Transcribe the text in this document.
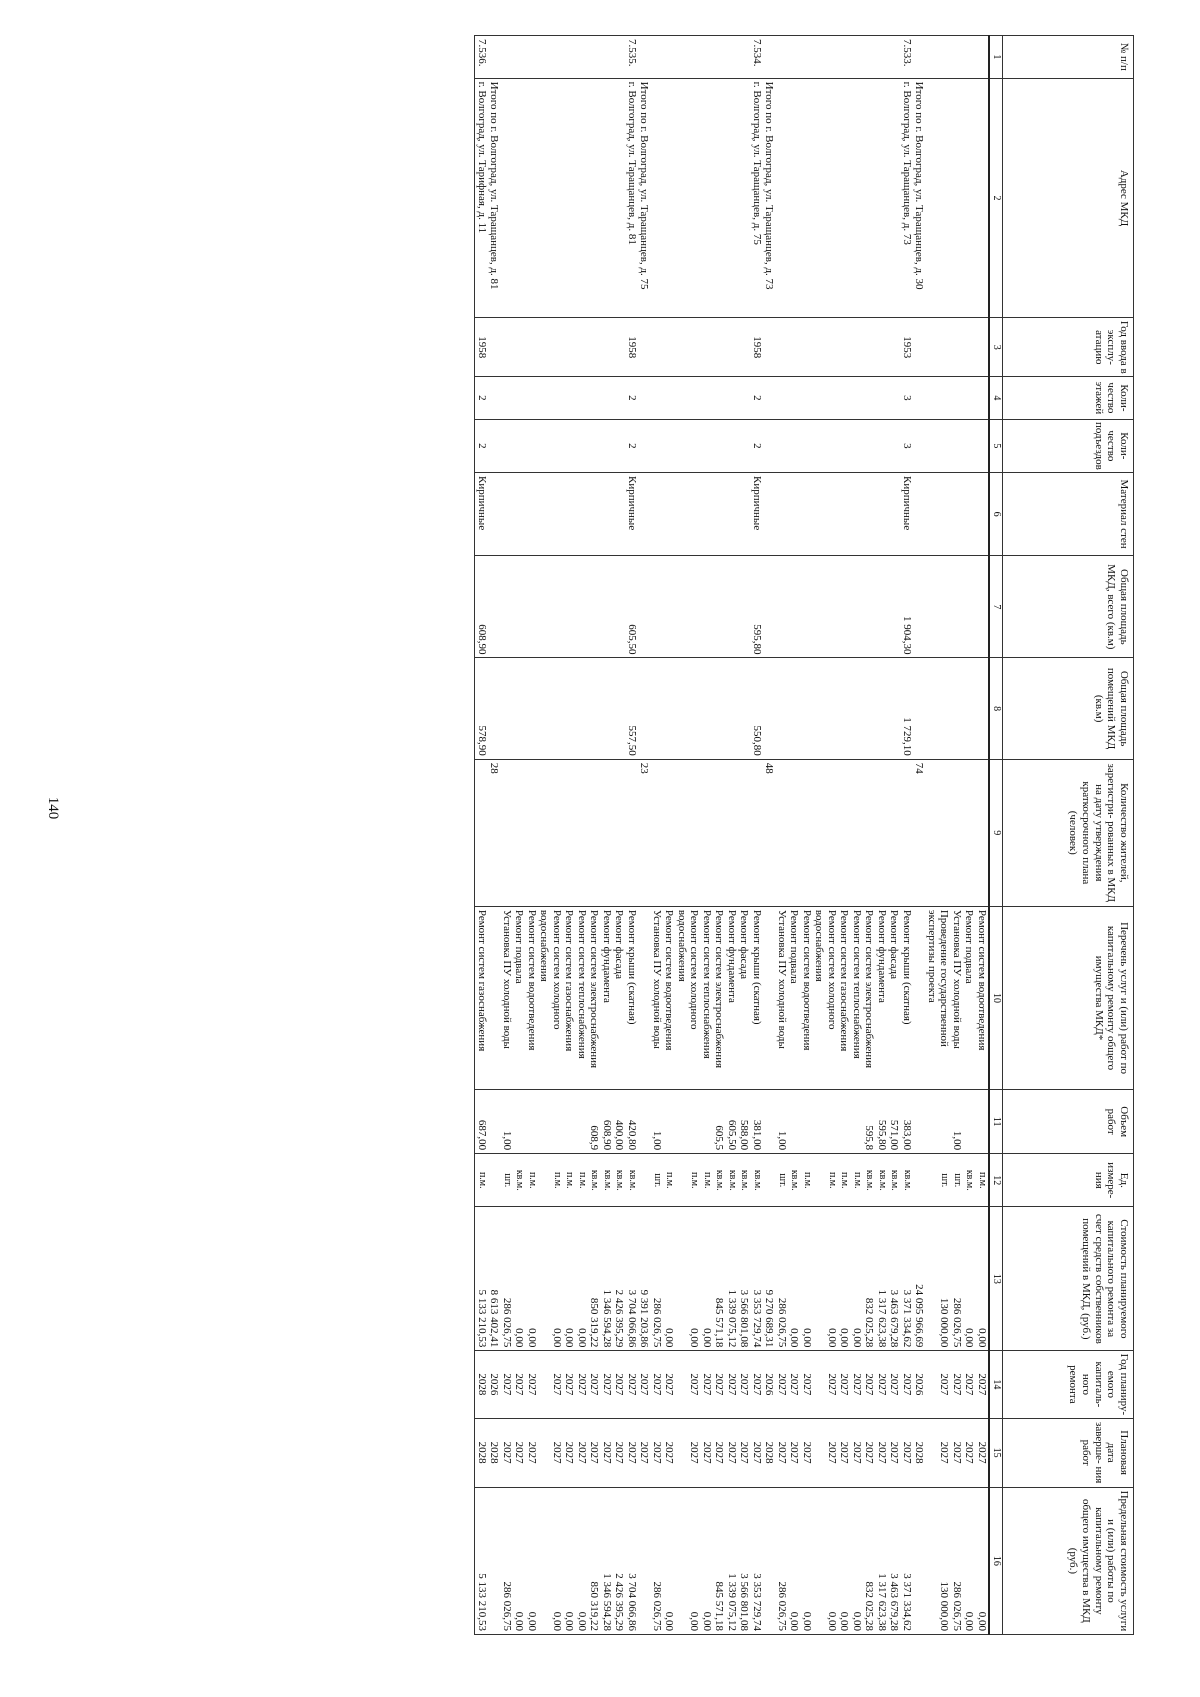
140
№ п/п	Адрес МКД	Год ввода в эксплу- атацию	Коли- чество этажей	Коли- чество подъездов	Материал стен	Общая площадь МКД, всего (кв.м)	Общая площадь помещений МКД (кв.м)	Количество жителей, зарегистри- рованных в МКД на дату утверждения краткосрочного плана (человек)	Перечень услуг и (или) работ по капитальному ремонту общего имущества МКД*	Объем работ	Ед. измере- ния	Стоимость планируемого капитального ремонта за счет средств собственников помещений в МКД, (руб.)	Год планиру- емого капиталь- ного ремонта	Плановая дата заверше- ния работ	Предельная стоимость услуги и (или) работы по капитальному ремонту общего имущества в МКД (руб.)
1	2	3	4	5	6	7	8	9	10	11	12	13	14	15	16
									Ремонт систем водоотведения		п.м.	0,00	2027	2027	0,00
									Ремонт подвала		кв.м.	0,00	2027	2027	0,00
									Установка ПУ холодной воды	1,00	шт.	286 026,75	2027	2027	286 026,75
									Проведение государственной экспертизы проекта		шт.	130 000,00	2027	2027	130 000,00
	Итого по г. Волгоград, ул. Таращанцев, д. 30							74				24 095 966,69	2026	2028	
7.533.	г. Волгоград, ул. Таращанцев, д. 73	1953	3	3	Кирпичные	1 904,30	1 729,10		Ремонт крыши (скатная)	383,00	кв.м.	3 371 334,62	2027	2027	3 371 334,62
									Ремонт фасада	571,00	кв.м.	3 463 679,28	2027	2027	3 463 679,28
									Ремонт фундамента	595,80	кв.м.	1 317 623,38	2027	2027	1 317 623,38
									Ремонт систем электроснабжения	595,8	кв.м.	832 025,28	2027	2027	832 025,28
									Ремонт систем теплоснабжения		п.м.	0,00	2027	2027	0,00
									Ремонт систем газоснабжения		п.м.	0,00	2027	2027	0,00
									Ремонт систем холодного водоснабжения		п.м.	0,00	2027	2027	0,00
									Ремонт систем водоотведения		п.м.	0,00	2027	2027	0,00
									Ремонт подвала		кв.м.	0,00	2027	2027	0,00
									Установка ПУ холодной воды	1,00	шт.	286 026,75	2027	2027	286 026,75
	Итого по г. Волгоград, ул. Таращанцев, д. 73							48				9 270 689,31	2026	2028	
7.534.	г. Волгоград, ул. Таращанцев, д. 75	1958	2	2	Кирпичные	595,80	550,80		Ремонт крыши (скатная)	381,00	кв.м.	3 353 729,74	2027	2027	3 353 729,74
									Ремонт фасада	588,00	кв.м.	3 566 801,08	2027	2027	3 566 801,08
									Ремонт фундамента	605,50	кв.м.	1 339 075,12	2027	2027	1 339 075,12
									Ремонт систем электроснабжения	605,5	кв.м.	845 571,18	2027	2027	845 571,18
									Ремонт систем теплоснабжения		п.м.	0,00	2027	2027	0,00
									Ремонт систем холодного водоснабжения		п.м.	0,00	2027	2027	0,00
									Ремонт систем водоотведения		п.м.	0,00	2027	2027	0,00
									Установка ПУ холодной воды	1,00	шт.	286 026,75	2027	2027	286 026,75
	Итого по г. Волгоград, ул. Таращанцев, д. 75							23				9 391 203,86	2027	2027	
7.535.	г. Волгоград, ул. Таращанцев, д. 81	1958	2	2	Кирпичные	605,50	557,50		Ремонт крыши (скатная)	420,80	кв.м.	3 704 066,86	2027	2027	3 704 066,86
									Ремонт фасада	400,00	кв.м.	2 426 395,29	2027	2027	2 426 395,29
									Ремонт фундамента	608,90	кв.м.	1 346 594,28	2027	2027	1 346 594,28
									Ремонт систем электроснабжения	608,9	кв.м.	850 319,22	2027	2027	850 319,22
									Ремонт систем теплоснабжения		п.м.	0,00	2027	2027	0,00
									Ремонт систем газоснабжения		п.м.	0,00	2027	2027	0,00
									Ремонт систем холодного водоснабжения		п.м.	0,00	2027	2027	0,00
									Ремонт систем водоотведения		п.м.	0,00	2027	2027	0,00
									Ремонт подвала		кв.м.	0,00	2027	2027	0,00
									Установка ПУ холодной воды	1,00	шт.	286 026,75	2027	2027	286 026,75
	Итого по г. Волгоград, ул. Таращанцев, д. 81							28				8 613 402,41	2026	2028	
7.536.	г. Волгоград, ул. Тарифная, д. 11	1958	2	2	Кирпичные	608,90	578,90		Ремонт систем газоснабжения	687,00	п.м.	5 133 210,53	2028	2028	5 133 210,53
